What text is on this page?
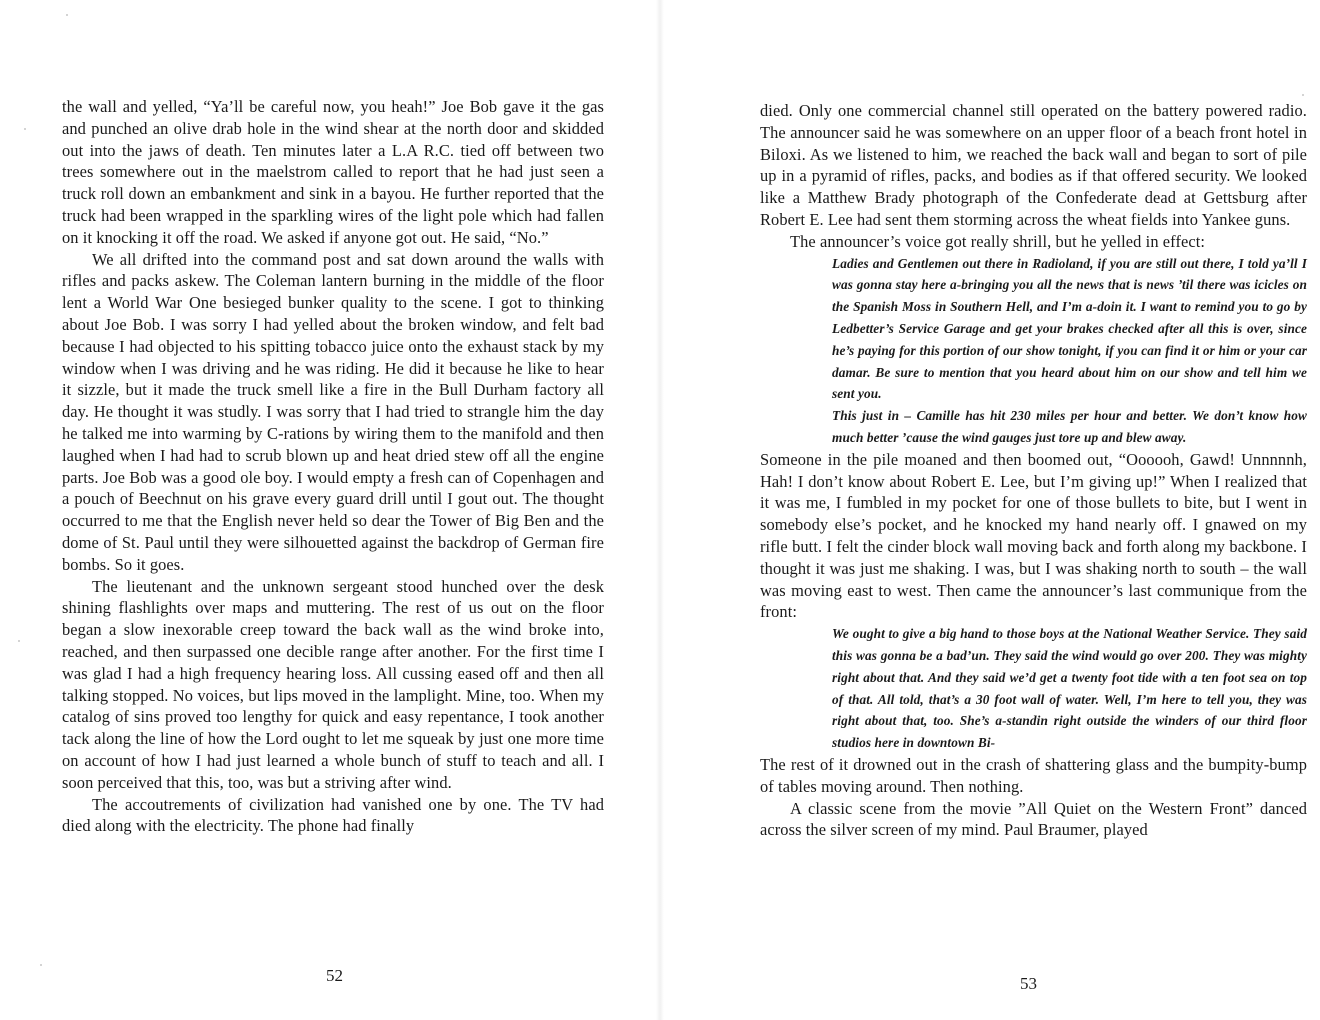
the wall and yelled, “Ya’ll be careful now, you heah!” Joe Bob gave it the gas and punched an olive drab hole in the wind shear at the north door and skidded out into the jaws of death. Ten minutes later a L.A R.C. tied off between two trees somewhere out in the maelstrom called to report that he had just seen a truck roll down an embankment and sink in a bayou. He further reported that the truck had been wrapped in the sparkling wires of the light pole which had fallen on it knocking it off the road. We asked if anyone got out. He said, “No.”

We all drifted into the command post and sat down around the walls with rifles and packs askew. The Coleman lantern burning in the middle of the floor lent a World War One besieged bunker quality to the scene. I got to thinking about Joe Bob. I was sorry I had yelled about the broken window, and felt bad because I had objected to his spitting tobacco juice onto the exhaust stack by my window when I was driving and he was riding. He did it because he like to hear it sizzle, but it made the truck smell like a fire in the Bull Durham factory all day. He thought it was studly. I was sorry that I had tried to strangle him the day he talked me into warming by C-rations by wiring them to the manifold and then laughed when I had had to scrub blown up and heat dried stew off all the engine parts. Joe Bob was a good ole boy. I would empty a fresh can of Copenhagen and a pouch of Beechnut on his grave every guard drill until I gout out. The thought occurred to me that the English never held so dear the Tower of Big Ben and the dome of St. Paul until they were silhouetted against the backdrop of German fire bombs. So it goes.

The lieutenant and the unknown sergeant stood hunched over the desk shining flashlights over maps and muttering. The rest of us out on the floor began a slow inexorable creep toward the back wall as the wind broke into, reached, and then surpassed one decible range after another. For the first time I was glad I had a high frequency hearing loss. All cussing eased off and then all talking stopped. No voices, but lips moved in the lamplight. Mine, too. When my catalog of sins proved too lengthy for quick and easy repentance, I took another tack along the line of how the Lord ought to let me squeak by just one more time on account of how I had just learned a whole bunch of stuff to teach and all. I soon perceived that this, too, was but a striving after wind.

The accoutrements of civilization had vanished one by one. The TV had died along with the electricity. The phone had finally

52

died. Only one commercial channel still operated on the battery powered radio. The announcer said he was somewhere on an upper floor of a beach front hotel in Biloxi. As we listened to him, we reached the back wall and began to sort of pile up in a pyramid of rifles, packs, and bodies as if that offered security. We looked like a Matthew Brady photograph of the Confederate dead at Gettsburg after Robert E. Lee had sent them storming across the wheat fields into Yankee guns.

The announcer’s voice got really shrill, but he yelled in effect:

Ladies and Gentlemen out there in Radioland, if you are still out there, I told ya’ll I was gonna stay here a-bringing you all the news that is news ’til there was icicles on the Spanish Moss in Southern Hell, and I’m a-doin it. I want to remind you to go by Ledbetter’s Service Garage and get your brakes checked after all this is over, since he’s paying for this portion of our show tonight, if you can find it or him or your car damar. Be sure to mention that you heard about him on our show and tell him we sent you.

This just in – Camille has hit 230 miles per hour and better. We don’t know how much better ’cause the wind gauges just tore up and blew away.

Someone in the pile moaned and then boomed out, “Oooooh, Gawd! Unnnnnh, Hah! I don’t know about Robert E. Lee, but I’m giving up!” When I realized that it was me, I fumbled in my pocket for one of those bullets to bite, but I went in somebody else’s pocket, and he knocked my hand nearly off. I gnawed on my rifle butt. I felt the cinder block wall moving back and forth along my backbone. I thought it was just me shaking. I was, but I was shaking north to south – the wall was moving east to west. Then came the announcer’s last communique from the front:

We ought to give a big hand to those boys at the National Weather Service. They said this was gonna be a bad’un. They said the wind would go over 200. They was mighty right about that. And they said we’d get a twenty foot tide with a ten foot sea on top of that. All told, that’s a 30 foot wall of water. Well, I’m here to tell you, they was right about that, too. She’s a-standin right outside the winders of our third floor studios here in downtown Bi-

The rest of it drowned out in the crash of shattering glass and the bumpity-bump of tables moving around. Then nothing.

A classic scene from the movie ”All Quiet on the Western Front” danced across the silver screen of my mind. Paul Braumer, played

53
